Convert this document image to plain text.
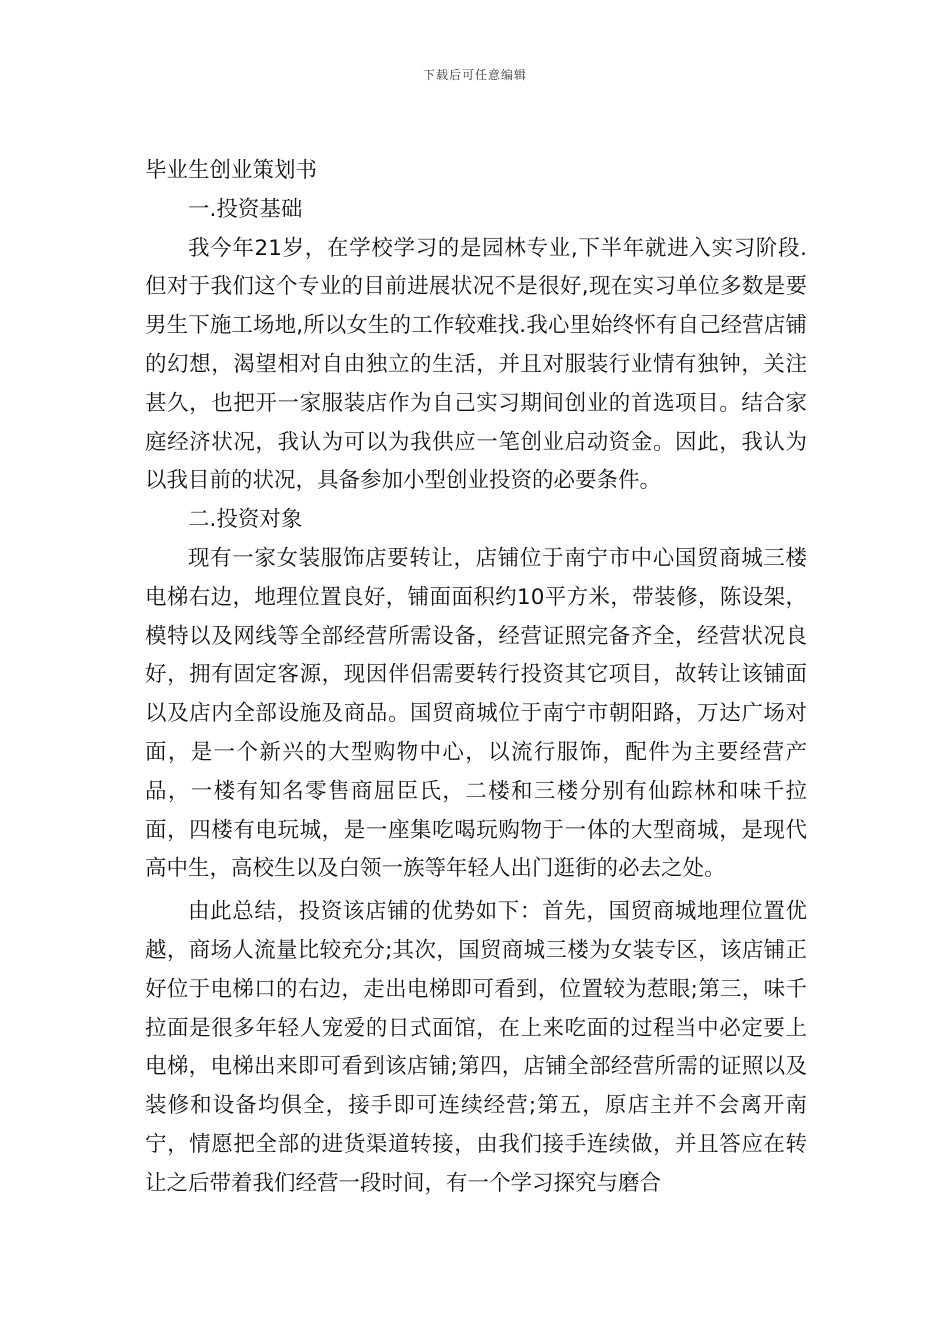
下载后可任意编辑
毕业生创业策划书
一.投资基础

我今年21岁，在学校学习的是园林专业,下半年就进入实习阶段.但对于我们这个专业的目前进展状况不是很好,现在实习单位多数是要男生下施工场地,所以女生的工作较难找.我心里始终怀有自己经营店铺的幻想，渴望相对自由独立的生活，并且对服装行业情有独钟，关注甚久，也把开一家服装店作为自己实习期间创业的首选项目。结合家庭经济状况，我认为可以为我供应一笔创业启动资金。因此，我认为以我目前的状况，具备参加小型创业投资的必要条件。

二.投资对象

现有一家女装服饰店要转让，店铺位于南宁市中心国贸商城三楼电梯右边，地理位置良好，铺面面积约10平方米，带装修，陈设架，模特以及网线等全部经营所需设备，经营证照完备齐全，经营状况良好，拥有固定客源，现因伴侣需要转行投资其它项目，故转让该铺面以及店内全部设施及商品。国贸商城位于南宁市朝阳路，万达广场对面，是一个新兴的大型购物中心，以流行服饰，配件为主要经营产品，一楼有知名零售商屈臣氏，二楼和三楼分别有仙踪林和味千拉面，四楼有电玩城，是一座集吃喝玩购物于一体的大型商城，是现代高中生，高校生以及白领一族等年轻人出门逛街的必去之处。

由此总结，投资该店铺的优势如下：首先，国贸商城地理位置优越，商场人流量比较充分;其次，国贸商城三楼为女装专区，该店铺正好位于电梯口的右边，走出电梯即可看到，位置较为惹眼;第三，味千拉面是很多年轻人宠爱的日式面馆，在上来吃面的过程当中必定要上电梯，电梯出来即可看到该店铺;第四，店铺全部经营所需的证照以及装修和设备均俱全，接手即可连续经营;第五，原店主并不会离开南宁，情愿把全部的进货渠道转接，由我们接手连续做，并且答应在转让之后带着我们经营一段时间，有一个学习探究与磨合
